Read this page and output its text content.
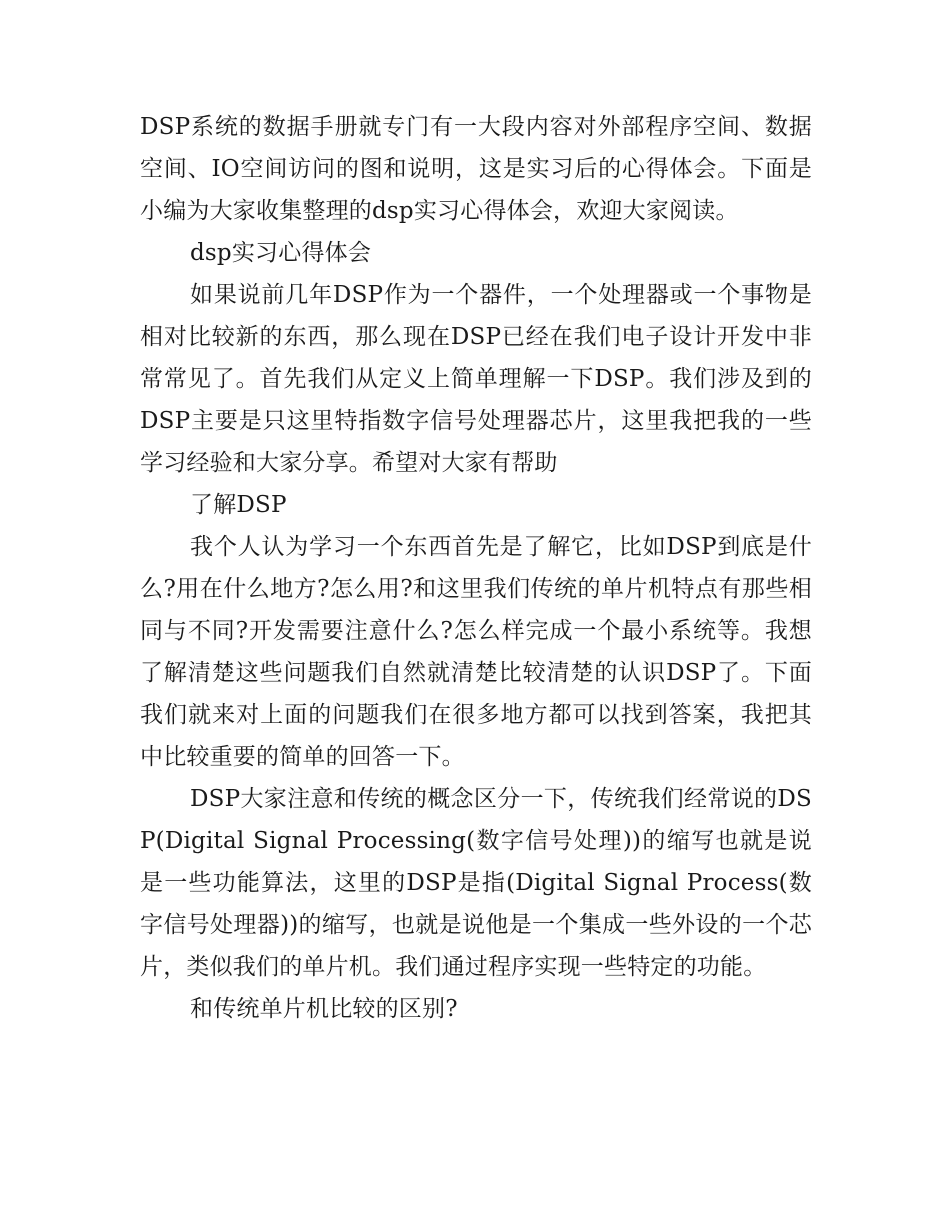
DSP系统的数据手册就专门有一大段内容对外部程序空间、数据空间、IO空间访问的图和说明，这是实习后的心得体会。下面是小编为大家收集整理的dsp实习心得体会，欢迎大家阅读。

dsp实习心得体会

如果说前几年DSP作为一个器件，一个处理器或一个事物是相对比较新的东西，那么现在DSP已经在我们电子设计开发中非常常见了。首先我们从定义上简单理解一下DSP。我们涉及到的DSP主要是只这里特指数字信号处理器芯片，这里我把我的一些学习经验和大家分享。希望对大家有帮助

了解DSP

我个人认为学习一个东西首先是了解它，比如DSP到底是什么?用在什么地方?怎么用?和这里我们传统的单片机特点有那些相同与不同?开发需要注意什么?怎么样完成一个最小系统等。我想了解清楚这些问题我们自然就清楚比较清楚的认识DSP了。下面我们就来对上面的问题我们在很多地方都可以找到答案，我把其中比较重要的简单的回答一下。

DSP大家注意和传统的概念区分一下，传统我们经常说的DSP(Digital Signal Processing(数字信号处理))的缩写也就是说是一些功能算法，这里的DSP是指(Digital Signal Process(数字信号处理器))的缩写，也就是说他是一个集成一些外设的一个芯片，类似我们的单片机。我们通过程序实现一些特定的功能。

和传统单片机比较的区别?
